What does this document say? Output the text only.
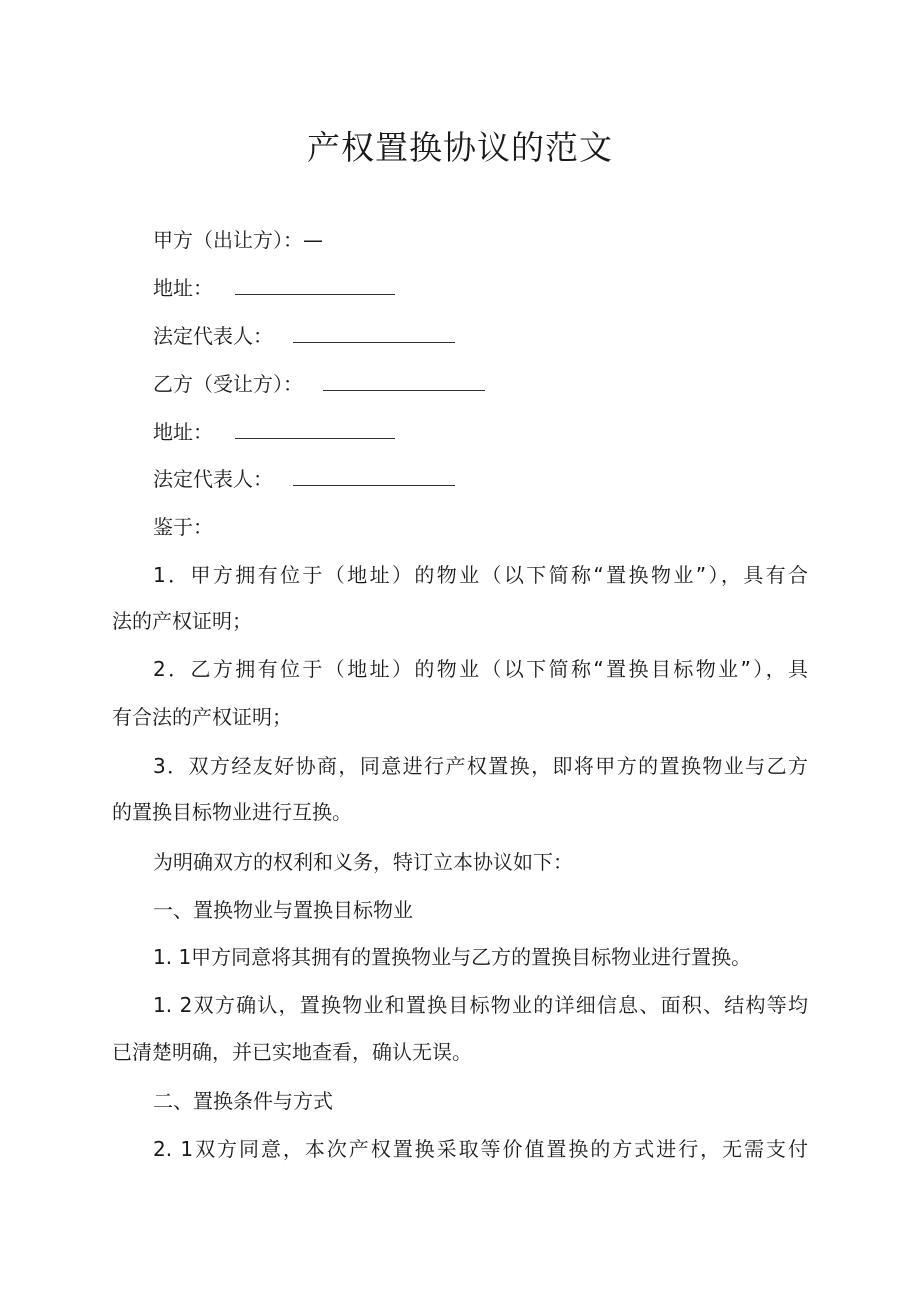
产权置换协议的范文
甲方（出让方）：—
地址：
法定代表人：
乙方（受让方）：
地址：
法定代表人：
鉴于：
1．甲方拥有位于（地址）的物业（以下简称“置换物业”），具有合
法的产权证明；
2．乙方拥有位于（地址）的物业（以下简称“置换目标物业”），具
有合法的产权证明；
3．双方经友好协商，同意进行产权置换，即将甲方的置换物业与乙方
的置换目标物业进行互换。
为明确双方的权利和义务，特订立本协议如下：
一、置换物业与置换目标物业
1. 1甲方同意将其拥有的置换物业与乙方的置换目标物业进行置换。
1. 2双方确认，置换物业和置换目标物业的详细信息、面积、结构等均
已清楚明确，并已实地查看，确认无误。
二、置换条件与方式
2. 1双方同意，本次产权置换采取等价值置换的方式进行，无需支付
